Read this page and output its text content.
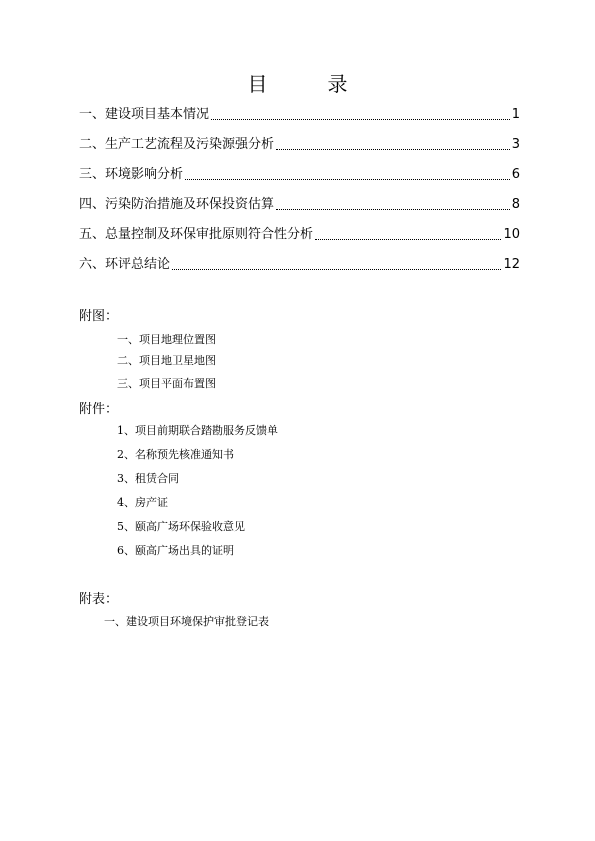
目　录
一、建设项目基本情况	1
二、生产工艺流程及污染源强分析	3
三、环境影响分析	6
四、污染防治措施及环保投资估算	8
五、总量控制及环保审批原则符合性分析	10
六、环评总结论	12
附图：
一、项目地理位置图
二、项目地卫星地图
三、项目平面布置图
附件：
1、项目前期联合踏勘服务反馈单
2、名称预先核准通知书
3、租赁合同
4、房产证
5、颐高广场环保验收意见
6、颐高广场出具的证明
附表：
一、建设项目环境保护审批登记表
